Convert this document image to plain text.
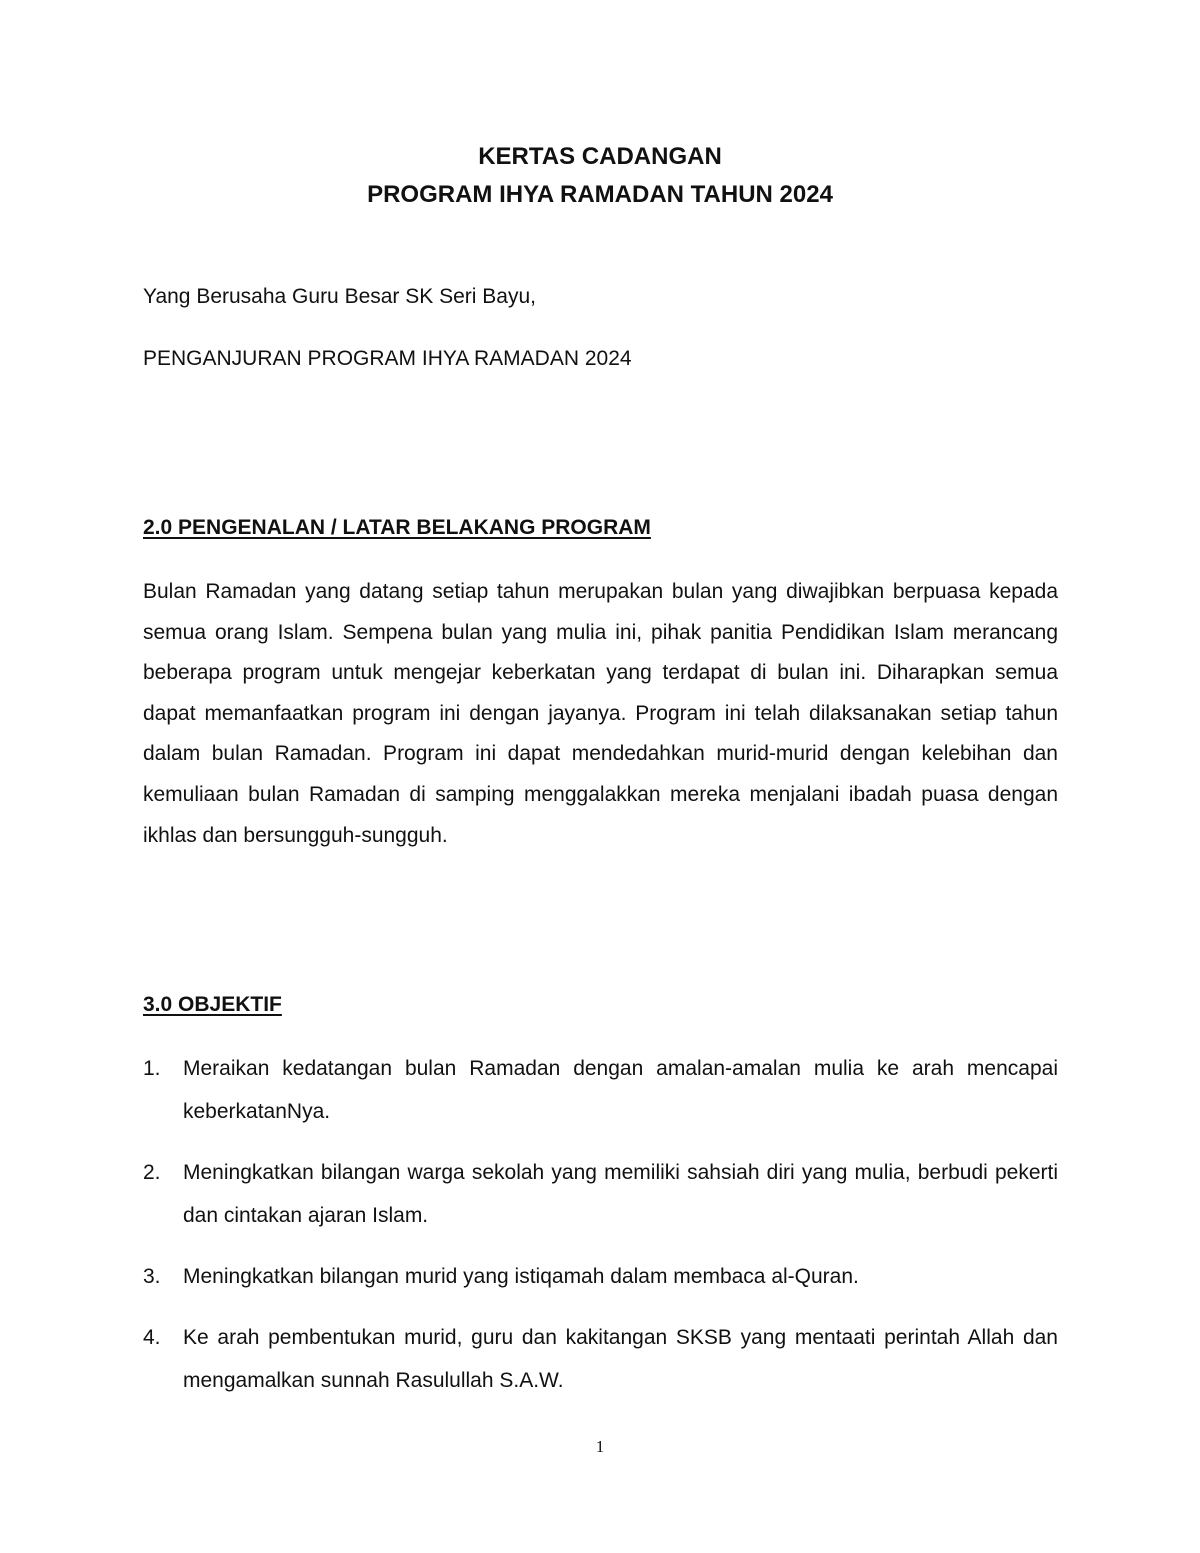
KERTAS CADANGAN
PROGRAM IHYA RAMADAN TAHUN 2024
Yang Berusaha Guru Besar SK Seri Bayu,
PENGANJURAN PROGRAM IHYA RAMADAN 2024
2.0 PENGENALAN / LATAR BELAKANG PROGRAM
Bulan Ramadan yang datang setiap tahun merupakan bulan yang diwajibkan berpuasa kepada semua orang Islam. Sempena bulan yang mulia ini, pihak panitia Pendidikan Islam merancang beberapa program untuk mengejar keberkatan yang terdapat di bulan ini. Diharapkan semua dapat memanfaatkan program ini dengan jayanya. Program ini telah dilaksanakan setiap tahun dalam bulan Ramadan. Program ini dapat mendedahkan murid-murid dengan kelebihan dan kemuliaan bulan Ramadan di samping menggalakkan mereka menjalani ibadah puasa dengan ikhlas dan bersungguh-sungguh.
3.0 OBJEKTIF
1. Meraikan kedatangan bulan Ramadan dengan amalan-amalan mulia ke arah mencapai keberkatanNya.
2. Meningkatkan bilangan warga sekolah yang memiliki sahsiah diri yang mulia, berbudi pekerti dan cintakan ajaran Islam.
3. Meningkatkan bilangan murid yang istiqamah dalam membaca al-Quran.
4. Ke arah pembentukan murid, guru dan kakitangan SKSB yang mentaati perintah Allah dan mengamalkan sunnah Rasulullah S.A.W.
1
